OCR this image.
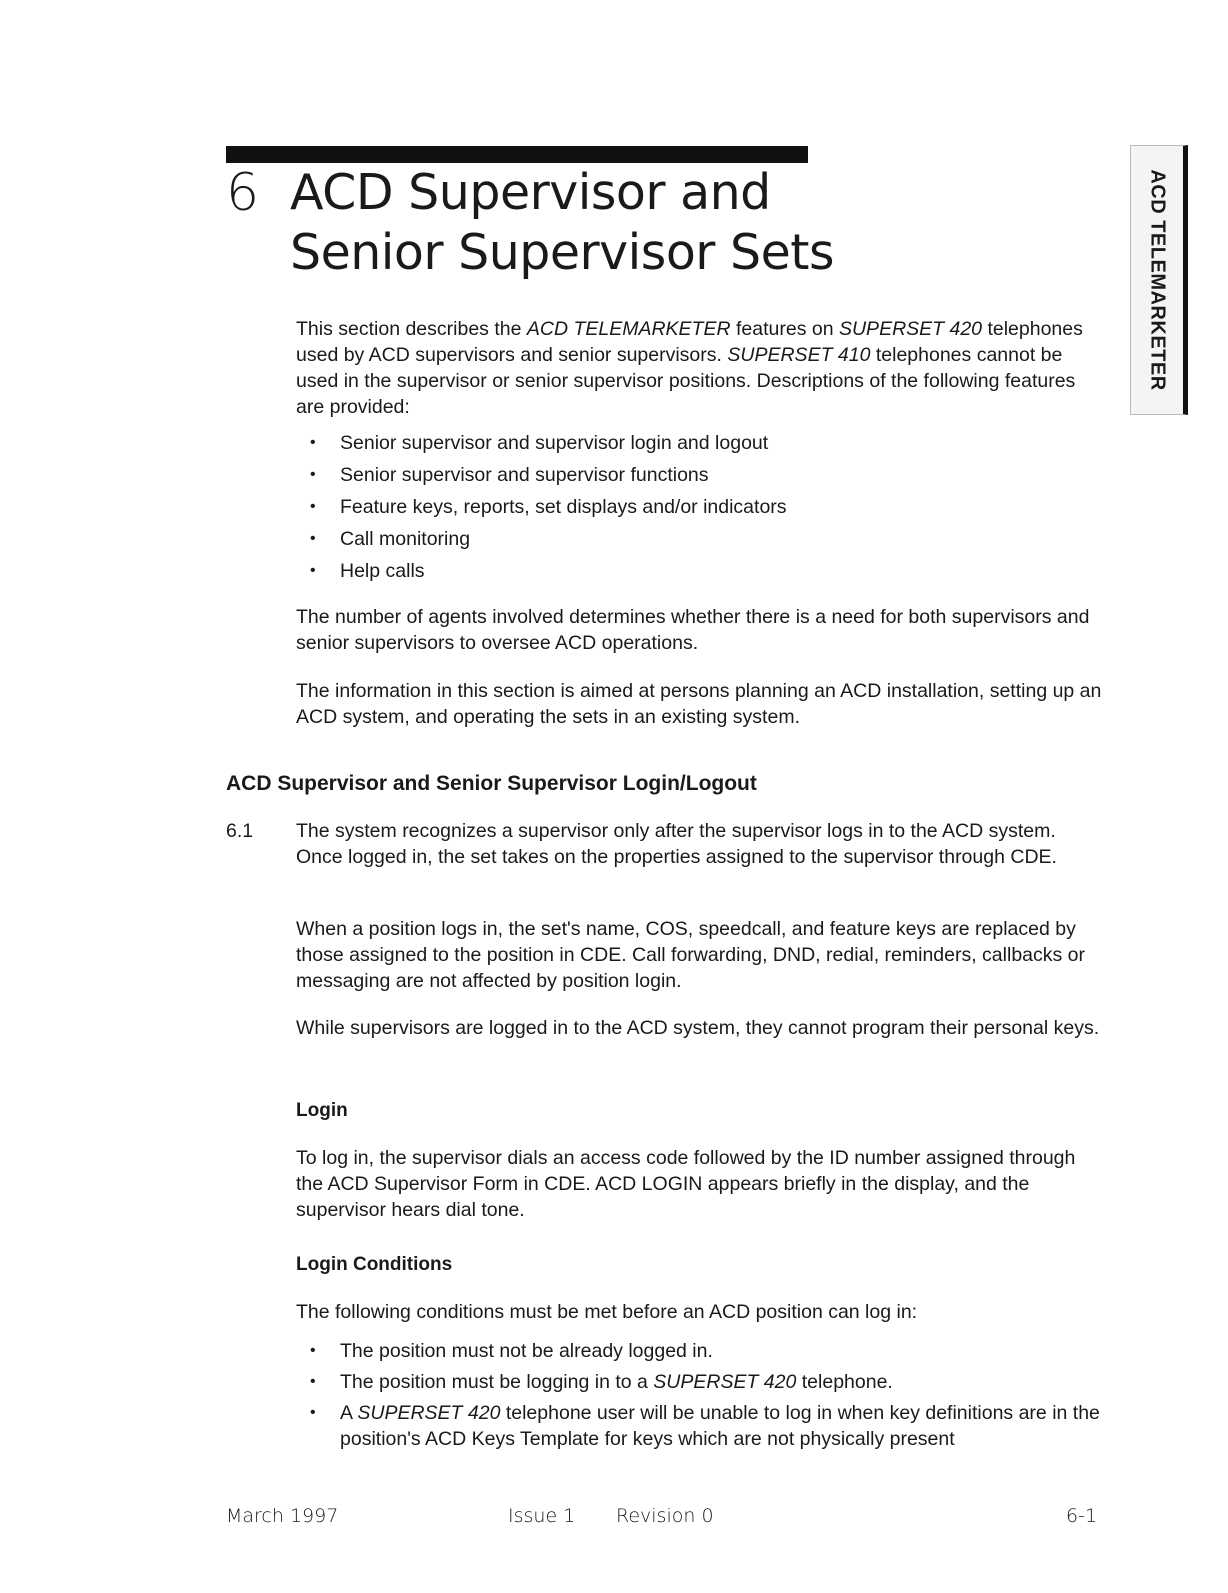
ACD TELEMARKETER
6 ACD Supervisor and
Senior Supervisor Sets
This section describes the ACD TELEMARKETER features on SUPERSET 420 telephones used by ACD supervisors and senior supervisors. SUPERSET 410 telephones cannot be used in the supervisor or senior supervisor positions. Descriptions of the following features are provided:
• Senior supervisor and supervisor login and logout
• Senior supervisor and supervisor functions
• Feature keys, reports, set displays and/or indicators
• Call monitoring
• Help calls
The number of agents involved determines whether there is a need for both supervisors and senior supervisors to oversee ACD operations.
The information in this section is aimed at persons planning an ACD installation, setting up an ACD system, and operating the sets in an existing system.
ACD Supervisor and Senior Supervisor Login/Logout
6.1 The system recognizes a supervisor only after the supervisor logs in to the ACD system. Once logged in, the set takes on the properties assigned to the supervisor through CDE.
When a position logs in, the set's name, COS, speedcall, and feature keys are replaced by those assigned to the position in CDE. Call forwarding, DND, redial, reminders, callbacks or messaging are not affected by position login.
While supervisors are logged in to the ACD system, they cannot program their personal keys.
Login
To log in, the supervisor dials an access code followed by the ID number assigned through the ACD Supervisor Form in CDE. ACD LOGIN appears briefly in the display, and the supervisor hears dial tone.
Login Conditions
The following conditions must be met before an ACD position can log in:
• The position must not be already logged in.
• The position must be logging in to a SUPERSET 420 telephone.
• A SUPERSET 420 telephone user will be unable to log in when key definitions are in the position's ACD Keys Template for keys which are not physically present
March 1997	Issue 1 Revision 0	6-1
